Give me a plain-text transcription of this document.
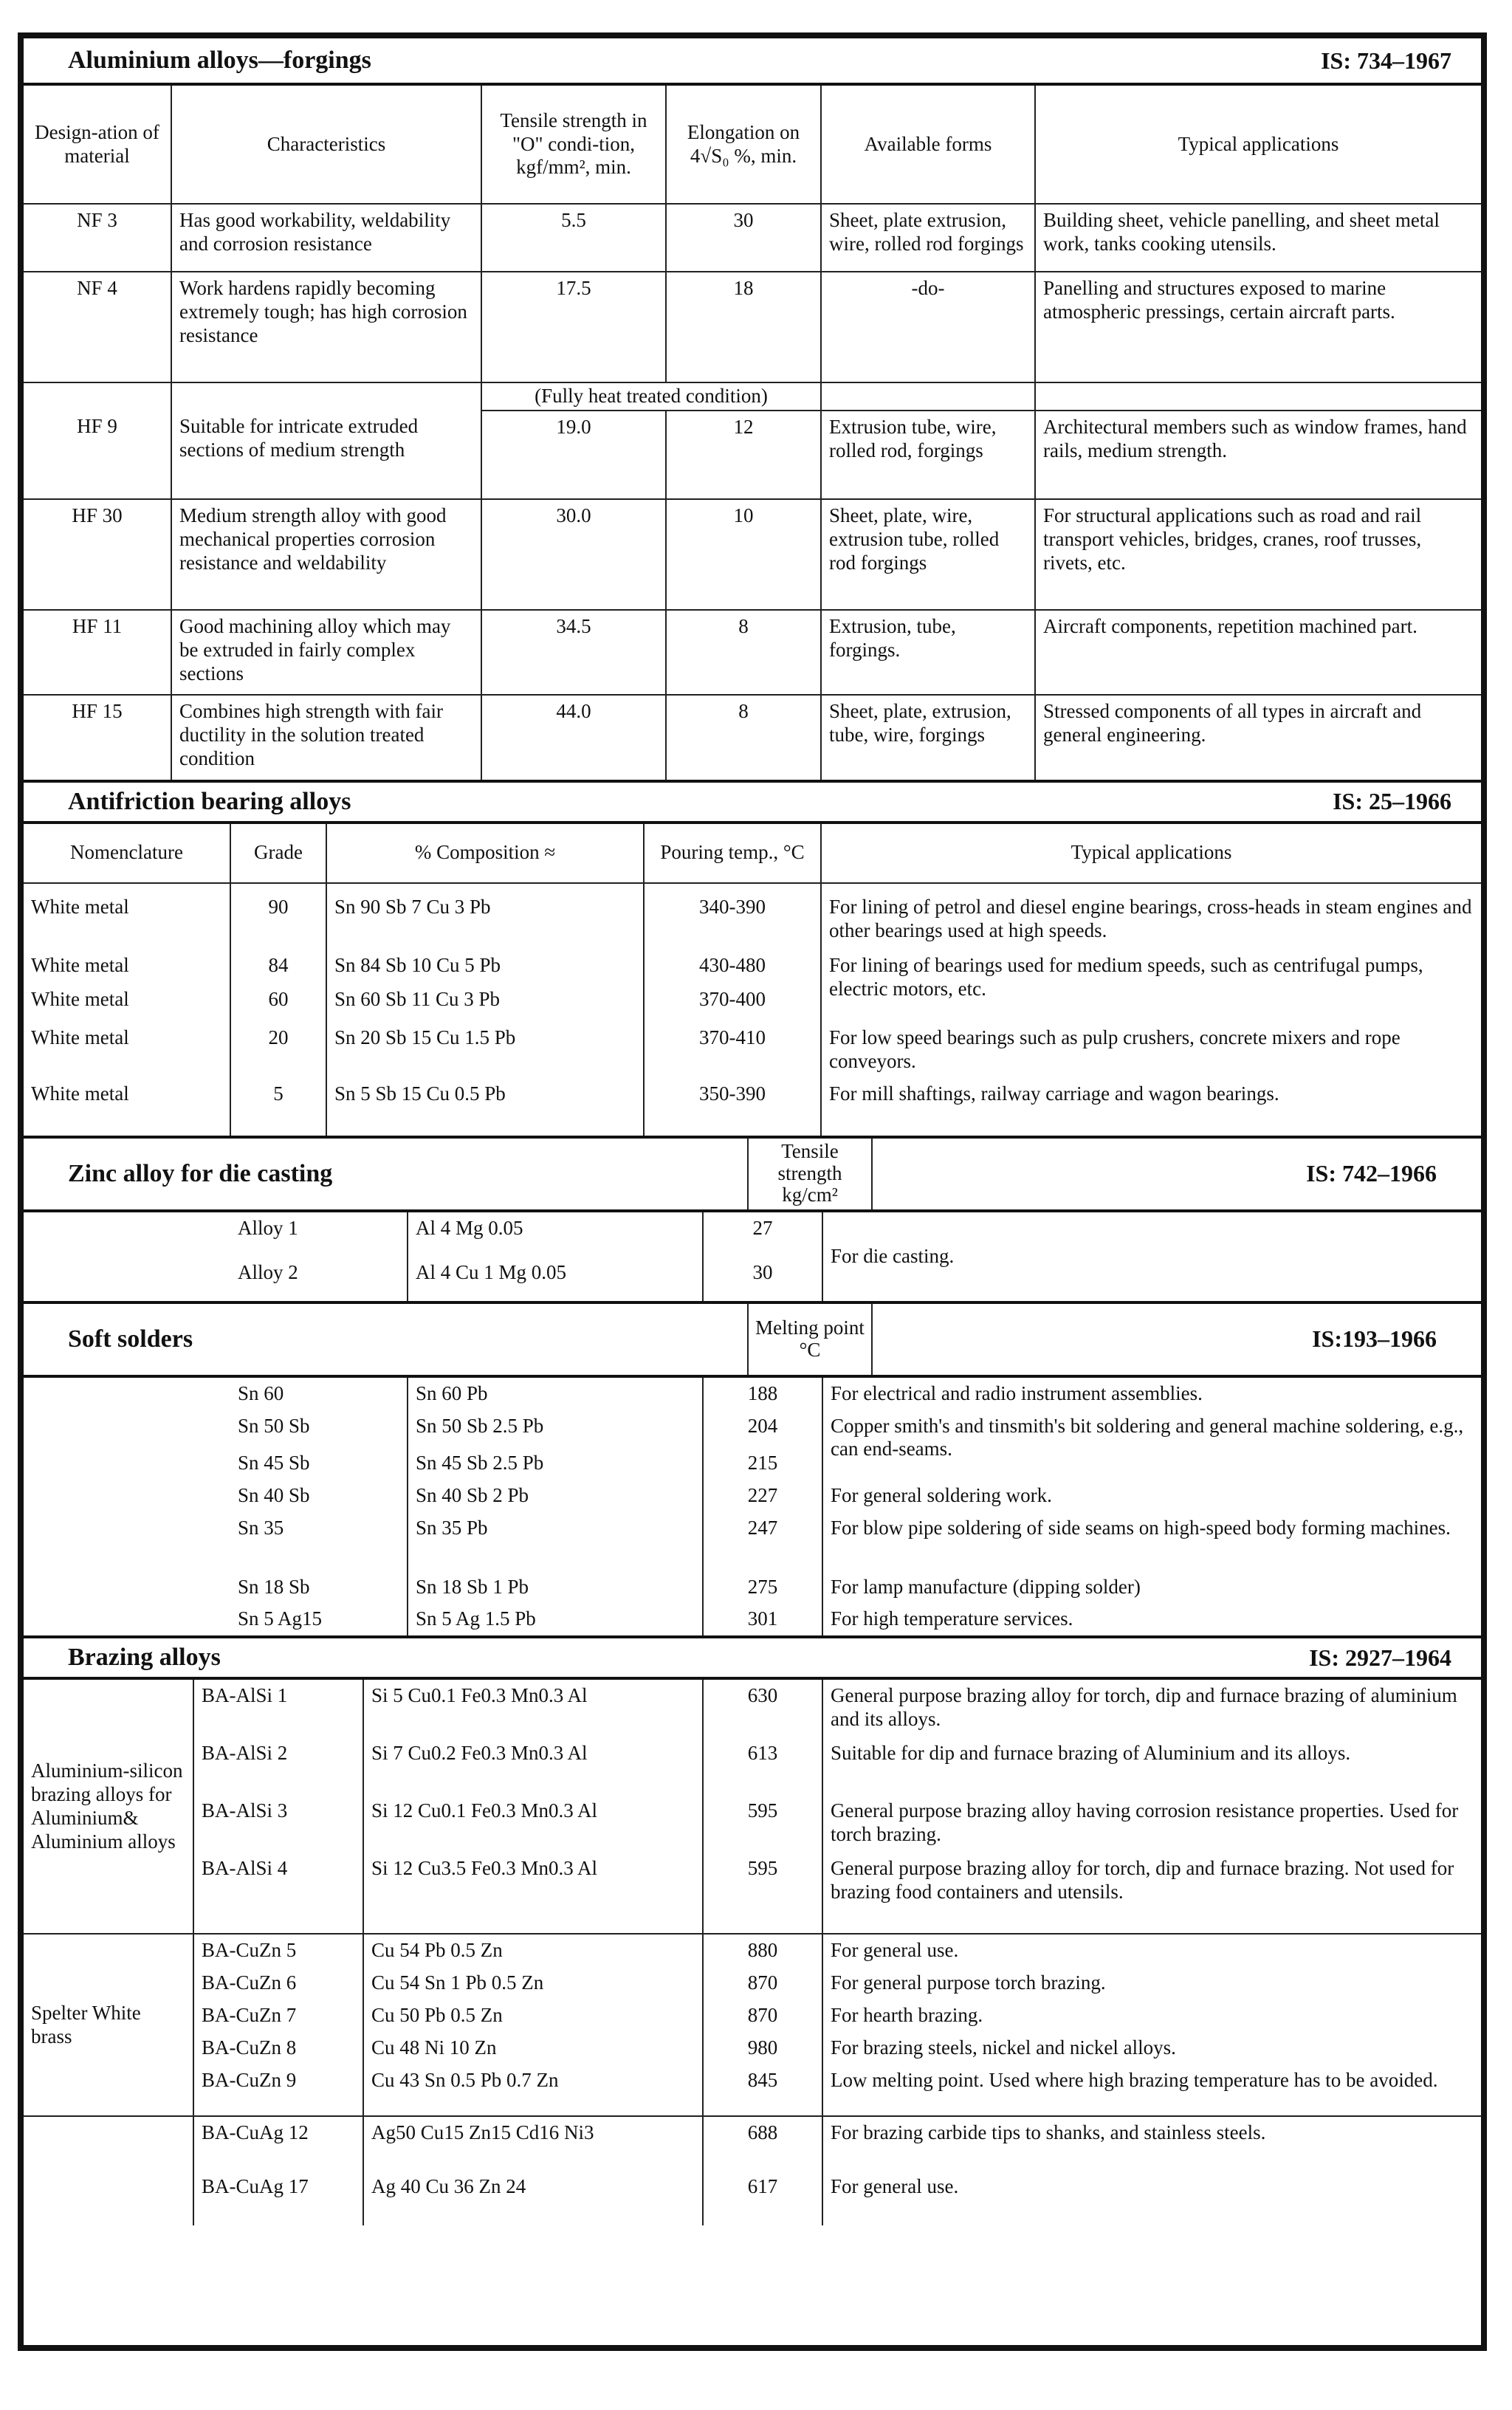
Aluminium alloys—forgings	IS: 734–1967
Design-ation of material	Characteristics	Tensile strength in "O" condi-tion, kgf/mm², min.	Elongation on 4√S₀ %, min.	Available forms	Typical applications
NF 3	Has good workability, weldability and corrosion resistance	5.5	30	Sheet, plate extrusion, wire, rolled rod forgings	Building sheet, vehicle panelling, and sheet metal work, tanks cooking utensils.
NF 4	Work hardens rapidly becoming extremely tough; has high corrosion resistance	17.5	18	-do-	Panelling and structures exposed to marine atmospheric pressings, certain aircraft parts.
		(Fully heat treated condition)			
HF 9	Suitable for intricate extruded sections of medium strength	19.0	12	Extrusion tube, wire, rolled rod, forgings	Architectural members such as window frames, hand rails, medium strength.
HF 30	Medium strength alloy with good mechanical properties corrosion resistance and weldability	30.0	10	Sheet, plate, wire, extrusion tube, rolled rod forgings	For structural applications such as road and rail transport vehicles, bridges, cranes, roof trusses, rivets, etc.
HF 11	Good machining alloy which may be extruded in fairly complex sections	34.5	8	Extrusion, tube, forgings.	Aircraft components, repetition machined part.
HF 15	Combines high strength with fair ductility in the solution treated condition	44.0	8	Sheet, plate, extrusion, tube, wire, forgings	Stressed components of all types in aircraft and general engineering.
Antifriction bearing alloys	IS: 25–1966
Nomenclature	Grade	% Composition ≈	Pouring temp., °C	Typical applications
White metal	90	Sn 90 Sb 7 Cu 3 Pb	340-390	For lining of petrol and diesel engine bearings, cross-heads in steam engines and other bearings used at high speeds.
White metal	84	Sn 84 Sb 10 Cu 5 Pb	430-480	For lining of bearings used for medium speeds, such as centrifugal pumps, electric motors, etc.
White metal	60	Sn 60 Sb 11 Cu 3 Pb	370-400	
White metal	20	Sn 20 Sb 15 Cu 1.5 Pb	370-410	For low speed bearings such as pulp crushers, concrete mixers and rope conveyors.
White metal	5	Sn 5 Sb 15 Cu 0.5 Pb	350-390	For mill shaftings, railway carriage and wagon bearings.
Zinc alloy for die casting
Tensile strength kg/cm²
IS: 742–1966
Alloy 1	Al 4 Mg 0.05	27	For die casting.
Alloy 2	Al 4 Cu 1 Mg 0.05	30	
Soft solders	Melting point °C	IS:193–1966
Sn 60	Sn 60 Pb	188	For electrical and radio instrument assemblies.
Sn 50 Sb	Sn 50 Sb 2.5 Pb	204	Copper smith's and tinsmith's bit soldering and general machine soldering, e.g., can end-seams.
Sn 45 Sb	Sn 45 Sb 2.5 Pb	215	
Sn 40 Sb	Sn 40 Sb 2 Pb	227	For general soldering work.
Sn 35	Sn 35 Pb	247	For blow pipe soldering of side seams on high-speed body forming machines.
Sn 18 Sb	Sn 18 Sb 1 Pb	275	For lamp manufacture (dipping solder)
Sn 5 Ag15	Sn 5 Ag 1.5 Pb	301	For high temperature services.
Brazing alloys	IS: 2927–1964
Aluminium-silicon brazing alloys for Aluminium& Aluminium alloys	BA-AlSi 1	Si 5 Cu0.1 Fe0.3 Mn0.3 Al	630	General purpose brazing alloy for torch, dip and furnace brazing of aluminium and its alloys.
	BA-AlSi 2	Si 7 Cu0.2 Fe0.3 Mn0.3 Al	613	Suitable for dip and furnace brazing of Aluminium and its alloys.
	BA-AlSi 3	Si 12 Cu0.1 Fe0.3 Mn0.3 Al	595	General purpose brazing alloy having corrosion resistance properties. Used for torch brazing.
	BA-AlSi 4	Si 12 Cu3.5 Fe0.3 Mn0.3 Al	595	General purpose brazing alloy for torch, dip and furnace brazing. Not used for brazing food containers and utensils.
Spelter White brass	BA-CuZn 5	Cu 54 Pb 0.5 Zn	880	For general use.
	BA-CuZn 6	Cu 54 Sn 1 Pb 0.5 Zn	870	For general purpose torch brazing.
	BA-CuZn 7	Cu 50 Pb 0.5 Zn	870	For hearth brazing.
	BA-CuZn 8	Cu 48 Ni 10 Zn	980	For brazing steels, nickel and nickel alloys.
	BA-CuZn 9	Cu 43 Sn 0.5 Pb 0.7 Zn	845	Low melting point. Used where high brazing temperature has to be avoided.
	BA-CuAg 12	Ag50 Cu15 Zn15 Cd16 Ni3	688	For brazing carbide tips to shanks, and stainless steels.
	BA-CuAg 17	Ag 40 Cu 36 Zn 24	617	For general use.
